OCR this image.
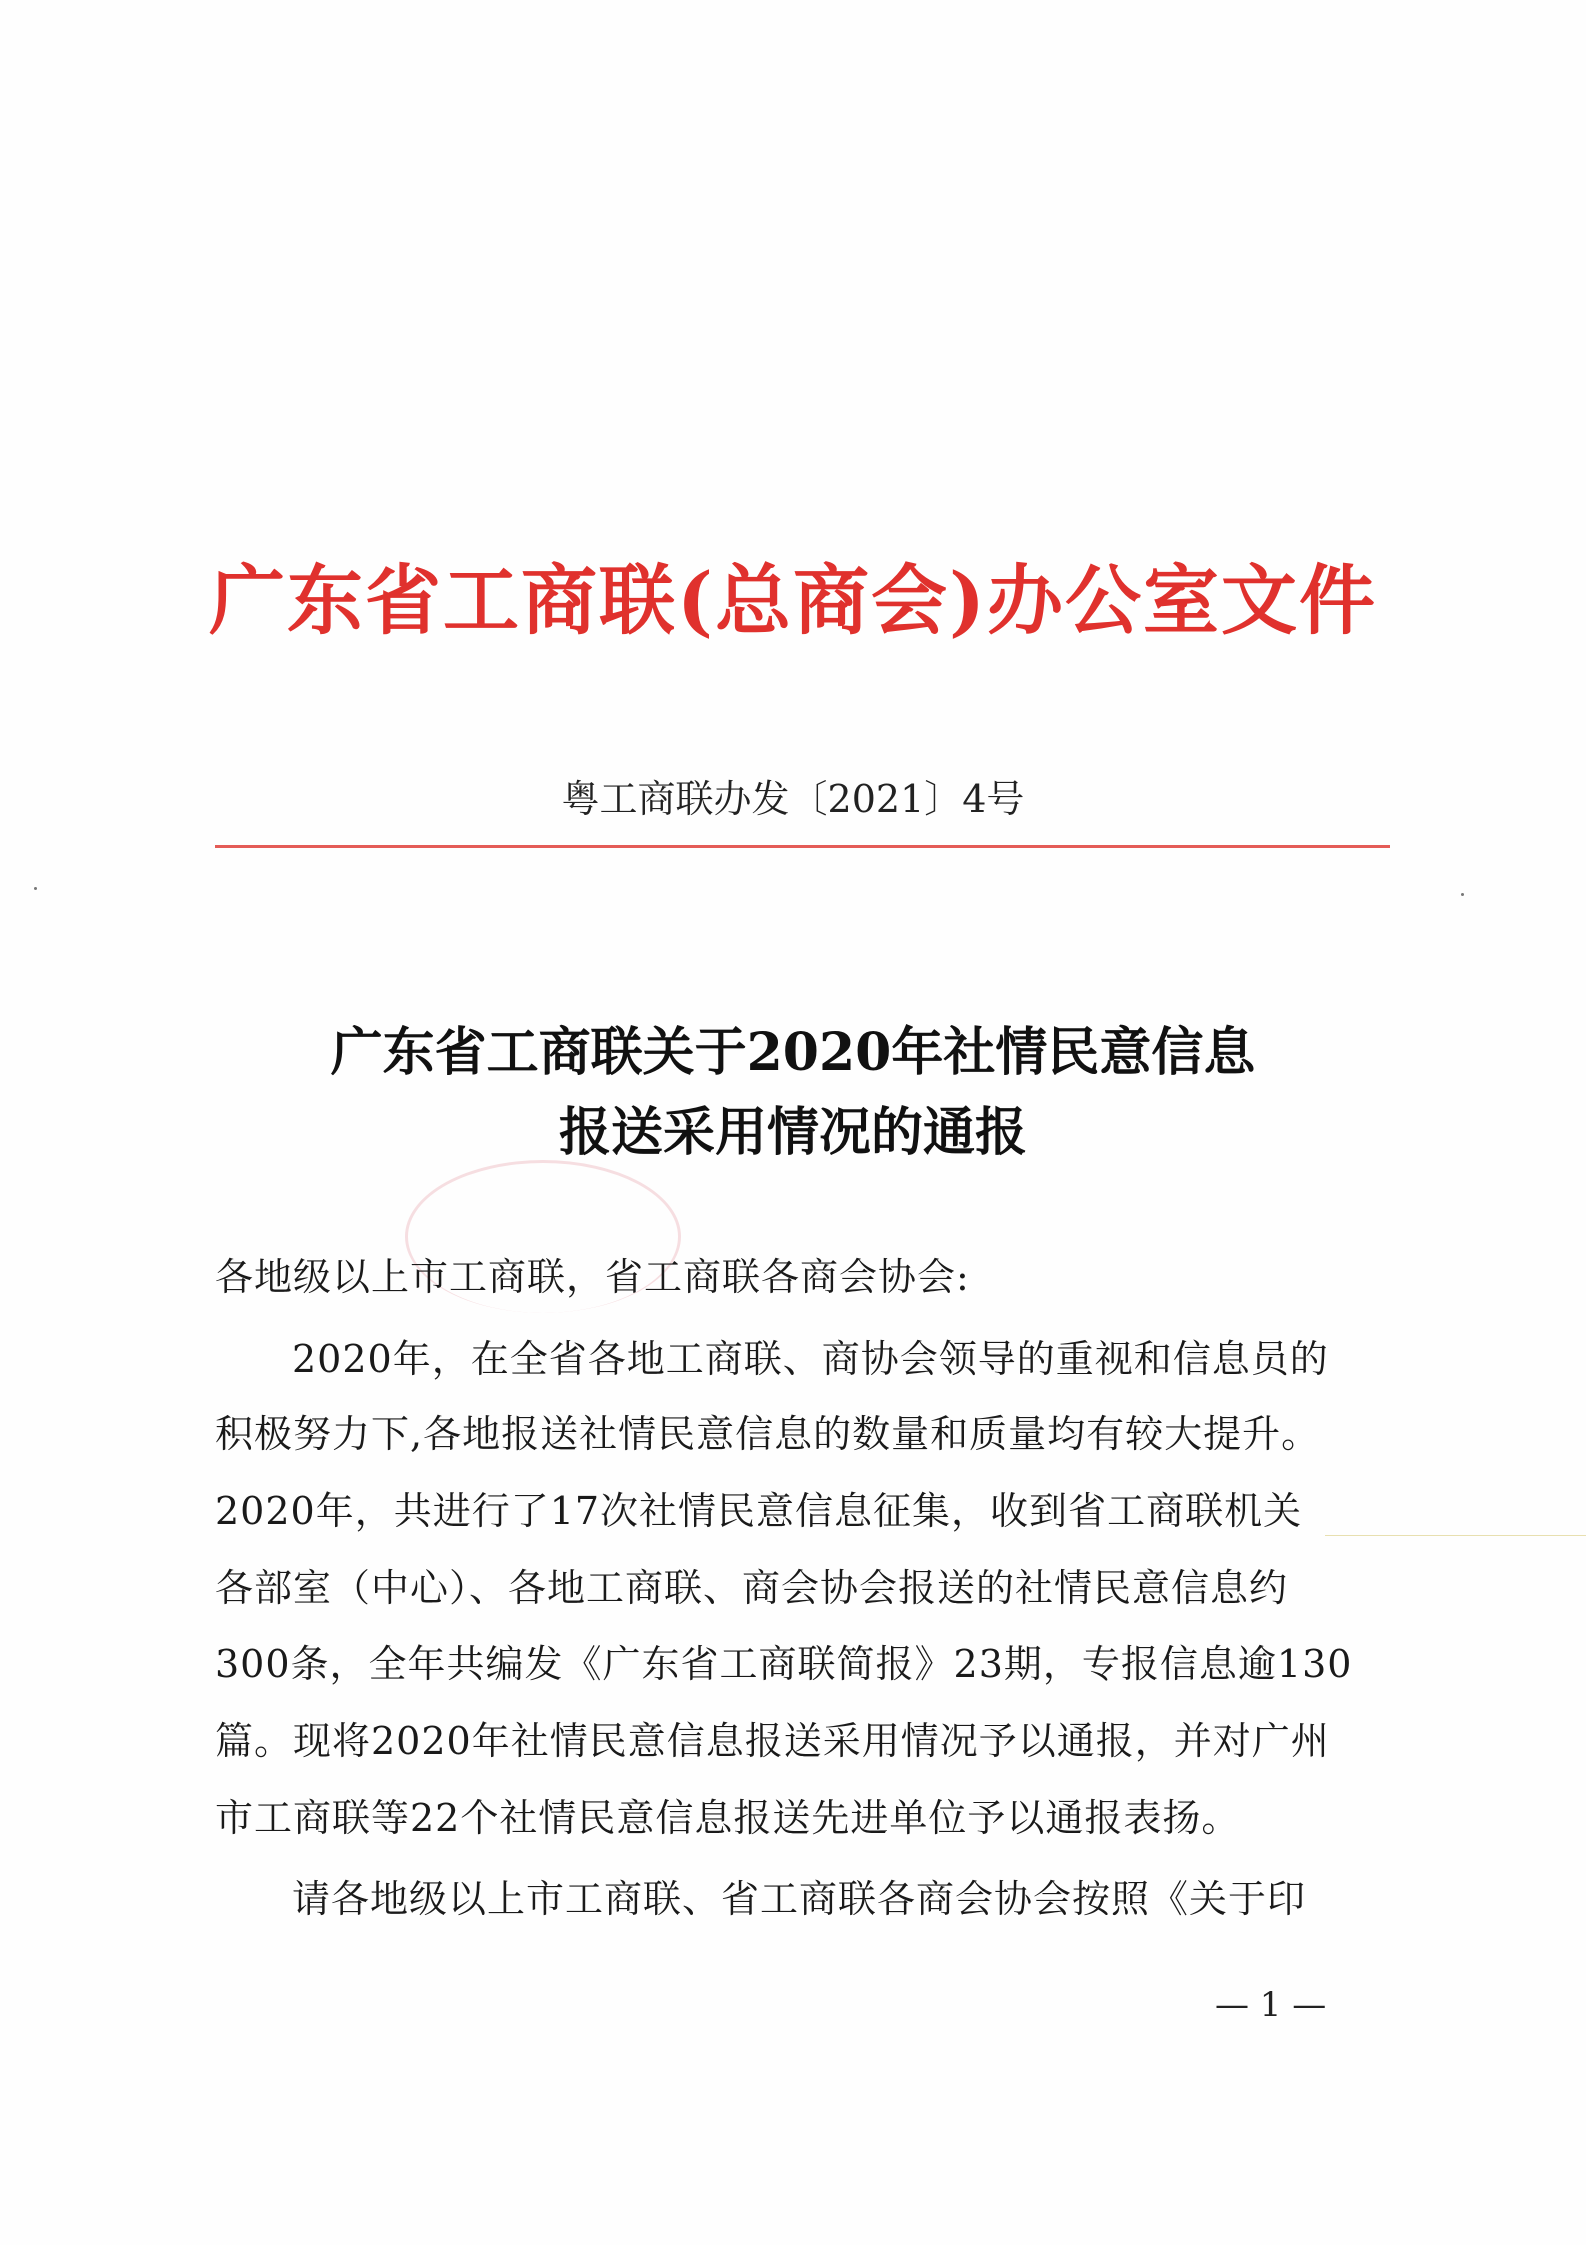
广东省工商联(总商会)办公室文件
粤工商联办发〔2021〕4号
广东省工商联关于2020年社情民意信息
报送采用情况的通报
各地级以上市工商联，省工商联各商会协会:
2020年，在全省各地工商联、商协会领导的重视和信息员的
积极努力下,各地报送社情民意信息的数量和质量均有较大提升。
2020年，共进行了17次社情民意信息征集，收到省工商联机关
各部室（中心）、各地工商联、商会协会报送的社情民意信息约
300条，全年共编发《广东省工商联简报》23期，专报信息逾130
篇。现将2020年社情民意信息报送采用情况予以通报，并对广州
市工商联等22个社情民意信息报送先进单位予以通报表扬。
请各地级以上市工商联、省工商联各商会协会按照《关于印
— 1 —
